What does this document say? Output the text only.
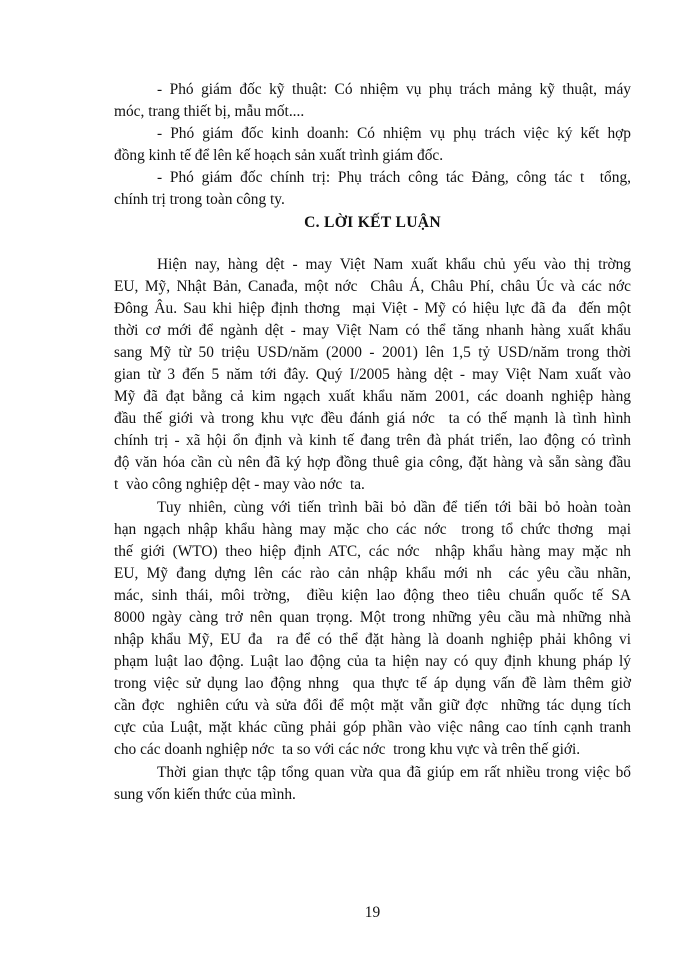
- Phó giám đốc kỹ thuật: Có nhiệm vụ phụ trách mảng kỹ thuật, máy
móc, trang thiết bị, mẫu mốt....
- Phó giám đốc kinh doanh: Có nhiệm vụ phụ trách việc ký kết hợp
đồng kinh tế để lên kế hoạch sản xuất trình giám đốc.
- Phó giám đốc chính trị: Phụ trách công tác Đảng, công tác t  tổng,
chính trị trong toàn công ty.
C. LỜI KẾT LUẬN
Hiện nay, hàng dệt - may Việt Nam xuất khẩu chủ yếu vào thị trờng
EU, Mỹ, Nhật Bản, Canađa, một nớc  Châu Á, Châu Phí, châu Úc và các nớc
Đông Âu. Sau khi hiệp định thơng  mại Việt - Mỹ có hiệu lực đã đa  đến một
thời cơ mới để ngành dệt - may Việt Nam có thể tăng nhanh hàng xuất khẩu
sang Mỹ từ 50 triệu USD/năm (2000 - 2001) lên 1,5 tỷ USD/năm trong thời
gian từ 3 đến 5 năm tới đây. Quý I/2005 hàng dệt - may Việt Nam xuất vào
Mỹ đã đạt bằng cả kim ngạch xuất khẩu năm 2001, các doanh nghiệp hàng
đầu thế giới và trong khu vực đều đánh giá nớc  ta có thế mạnh là tình hình
chính trị - xã hội ổn định và kinh tế đang trên đà phát triển, lao động có trình
độ văn hóa cần cù nên đã ký hợp đồng thuê gia công, đặt hàng và sẵn sàng đầu
t  vào công nghiệp dệt - may vào nớc  ta.
Tuy nhiên, cùng với tiến trình bãi bỏ dần để tiến tới bãi bỏ hoàn toàn
hạn ngạch nhập khẩu hàng may mặc cho các nớc  trong tổ chức thơng  mại
thế giới (WTO) theo hiệp định ATC, các nớc  nhập khẩu hàng may mặc nh
EU, Mỹ đang dựng lên các rào cản nhập khẩu mới nh  các yêu cầu nhãn,
mác, sinh thái, môi trờng,  điều kiện lao động theo tiêu chuẩn quốc tế SA
8000 ngày càng trở nên quan trọng. Một trong những yêu cầu mà những nhà
nhập khẩu Mỹ, EU đa  ra để có thể đặt hàng là doanh nghiệp phải không vi
phạm luật lao động. Luật lao động của ta hiện nay có quy định khung pháp lý
trong việc sử dụng lao động nhng  qua thực tế áp dụng vấn đề làm thêm giờ
cần đợc  nghiên cứu và sửa đổi để một mặt vẫn giữ đợc  những tác dụng tích
cực của Luật, mặt khác cũng phải góp phần vào việc nâng cao tính cạnh tranh
cho các doanh nghiệp nớc  ta so với các nớc  trong khu vực và trên thế giới.
Thời gian thực tập tổng quan vừa qua đã giúp em rất nhiều trong việc bổ
sung vốn kiến thức của mình.
19
